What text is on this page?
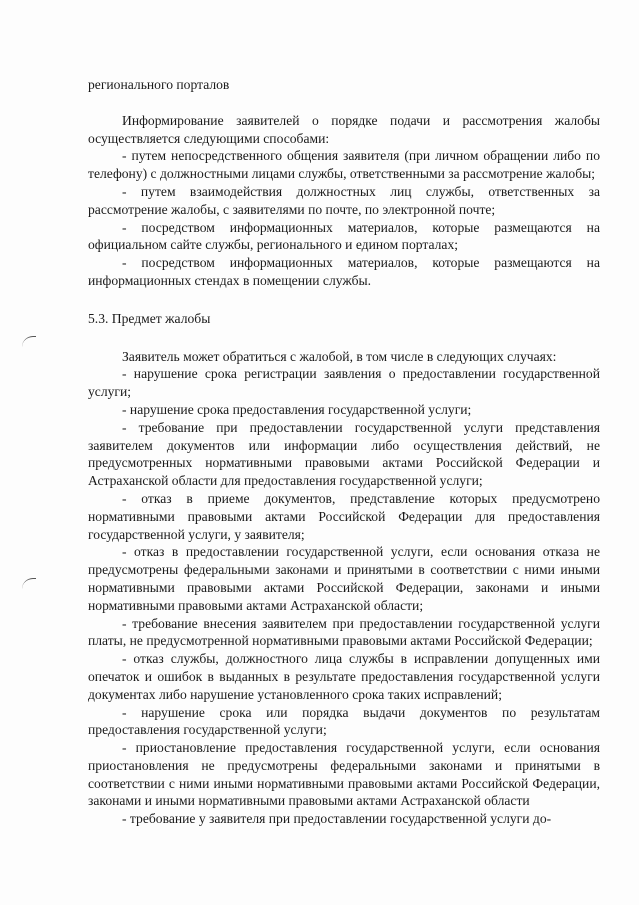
регионального порталов

Информирование заявителей о порядке подачи и рассмотрения жалобы осуществляется следующими способами:

- путем непосредственного общения заявителя (при личном обращении либо по телефону) с должностными лицами службы, ответственными за рассмотрение жалобы;

- путем взаимодействия должностных лиц службы, ответственных за рассмотрение жалобы, с заявителями по почте, по электронной почте;

- посредством информационных материалов, которые размещаются на официальном сайте службы, регионального и едином порталах;

- посредством информационных материалов, которые размещаются на информационных стендах в помещении службы.

5.3. Предмет жалобы

Заявитель может обратиться с жалобой, в том числе в следующих случаях:

- нарушение срока регистрации заявления о предоставлении государственной услуги;

- нарушение срока предоставления государственной услуги;

- требование при предоставлении государственной услуги представления заявителем документов или информации либо осуществления действий, не предусмотренных нормативными правовыми актами Российской Федерации и Астраханской области для предоставления государственной услуги;

- отказ в приеме документов, представление которых предусмотрено нормативными правовыми актами Российской Федерации для предоставления государственной услуги, у заявителя;

- отказ в предоставлении государственной услуги, если основания отказа не предусмотрены федеральными законами и принятыми в соответствии с ними иными нормативными правовыми актами Российской Федерации, законами и иными нормативными правовыми актами Астраханской области;

- требование внесения заявителем при предоставлении государственной услуги платы, не предусмотренной нормативными правовыми актами Российской Федерации;

- отказ службы, должностного лица службы в исправлении допущенных ими опечаток и ошибок в выданных в результате предоставления государственной услуги документах либо нарушение установленного срока таких исправлений;

- нарушение срока или порядка выдачи документов по результатам предоставления государственной услуги;

- приостановление предоставления государственной услуги, если основания приостановления не предусмотрены федеральными законами и принятыми в соответствии с ними иными нормативными правовыми актами Российской Федерации, законами и иными нормативными правовыми актами Астраханской области

- требование у заявителя при предоставлении государственной услуги до-
